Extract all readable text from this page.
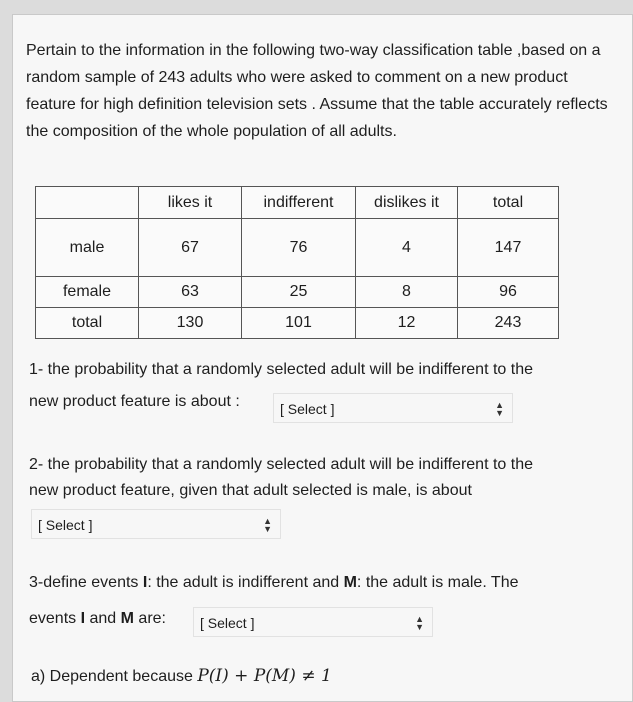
Pertain to the information in the following two-way classification table ,based on a random sample of 243 adults who were asked to comment on a new product feature for high definition television sets . Assume that the table accurately reflects the composition of the whole population of all adults.

	likes it	indifferent	dislikes it	total
male	67	76	4	147
female	63	25	8	96
total	130	101	12	243

1- the probability that a randomly selected adult will be indifferent to the
new product feature is about :	[ Select ]	▲
▼

2- the probability that a randomly selected adult will be indifferent to the
new product feature, given that adult selected is male, is about

[ Select ]	▲
▼

3-define events I: the adult is indifferent and M: the adult is male. The
events I and M are:	[ Select ]	▲
▼
a) Dependent because P(I) + P(M) ≠ 1
